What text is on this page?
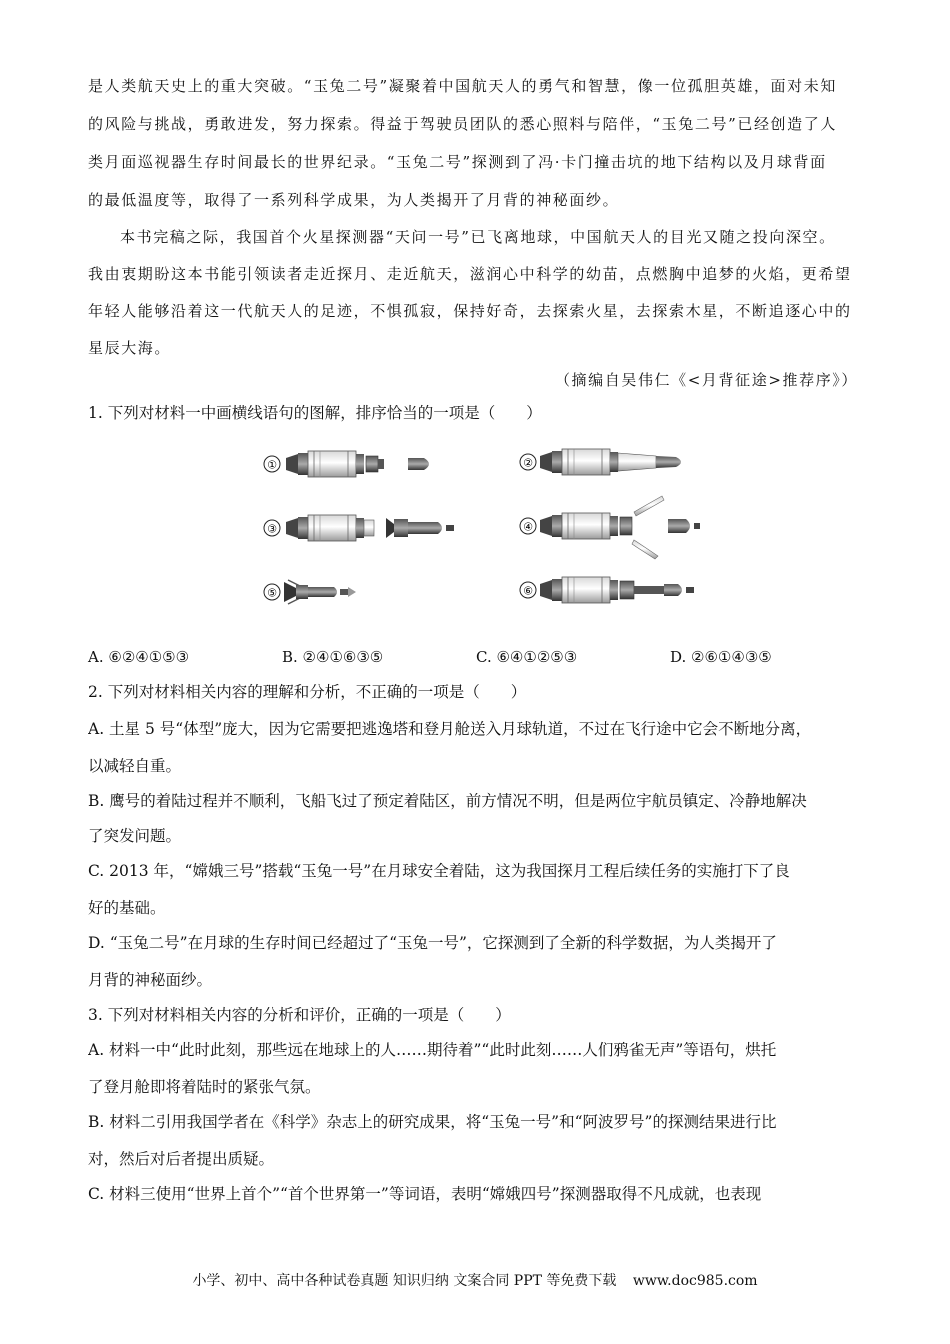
是人类航天史上的重大突破。“玉兔二号”凝聚着中国航天人的勇气和智慧，像一位孤胆英雄，面对未知
的风险与挑战，勇敢进发，努力探索。得益于驾驶员团队的悉心照料与陪伴，“玉兔二号”已经创造了人
类月面巡视器生存时间最长的世界纪录。“玉兔二号”探测到了冯·卡门撞击坑的地下结构以及月球背面
的最低温度等，取得了一系列科学成果，为人类揭开了月背的神秘面纱。
本书完稿之际，我国首个火星探测器“天问一号”已飞离地球，中国航天人的目光又随之投向深空。
我由衷期盼这本书能引领读者走近探月、走近航天，滋润心中科学的幼苗，点燃胸中追梦的火焰，更希望
年轻人能够沿着这一代航天人的足迹，不惧孤寂，保持好奇，去探索火星，去探索木星，不断追逐心中的
星辰大海。
（摘编自吴伟仁《<月背征途>推荐序》）
1. 下列对材料一中画横线语句的图解，排序恰当的一项是（　　）
①	②
③	④
⑤	⑥
A. ⑥②④①⑤③	B. ②④①⑥③⑤	C. ⑥④①②⑤③	D. ②⑥①④③⑤
2. 下列对材料相关内容的理解和分析，不正确的一项是（　　）
A. 土星 5 号“体型”庞大，因为它需要把逃逸塔和登月舱送入月球轨道，不过在飞行途中它会不断地分离，
以减轻自重。
B. 鹰号的着陆过程并不顺利，飞船飞过了预定着陆区，前方情况不明，但是两位宇航员镇定、冷静地解决
了突发问题。
C. 2013 年，“嫦娥三号”搭载“玉兔一号”在月球安全着陆，这为我国探月工程后续任务的实施打下了良
好的基础。
D. “玉兔二号”在月球的生存时间已经超过了“玉兔一号”，它探测到了全新的科学数据，为人类揭开了
月背的神秘面纱。
3. 下列对材料相关内容的分析和评价，正确的一项是（　　）
A. 材料一中“此时此刻，那些远在地球上的人……期待着”“此时此刻……人们鸦雀无声”等语句，烘托
了登月舱即将着陆时的紧张气氛。
B. 材料二引用我国学者在《科学》杂志上的研究成果，将“玉兔一号”和“阿波罗号”的探测结果进行比
对，然后对后者提出质疑。
C. 材料三使用“世界上首个”“首个世界第一”等词语，表明“嫦娥四号”探测器取得不凡成就，也表现
小学、初中、高中各种试卷真题 知识归纳 文案合同 PPT 等免费下载 www.doc985.com
